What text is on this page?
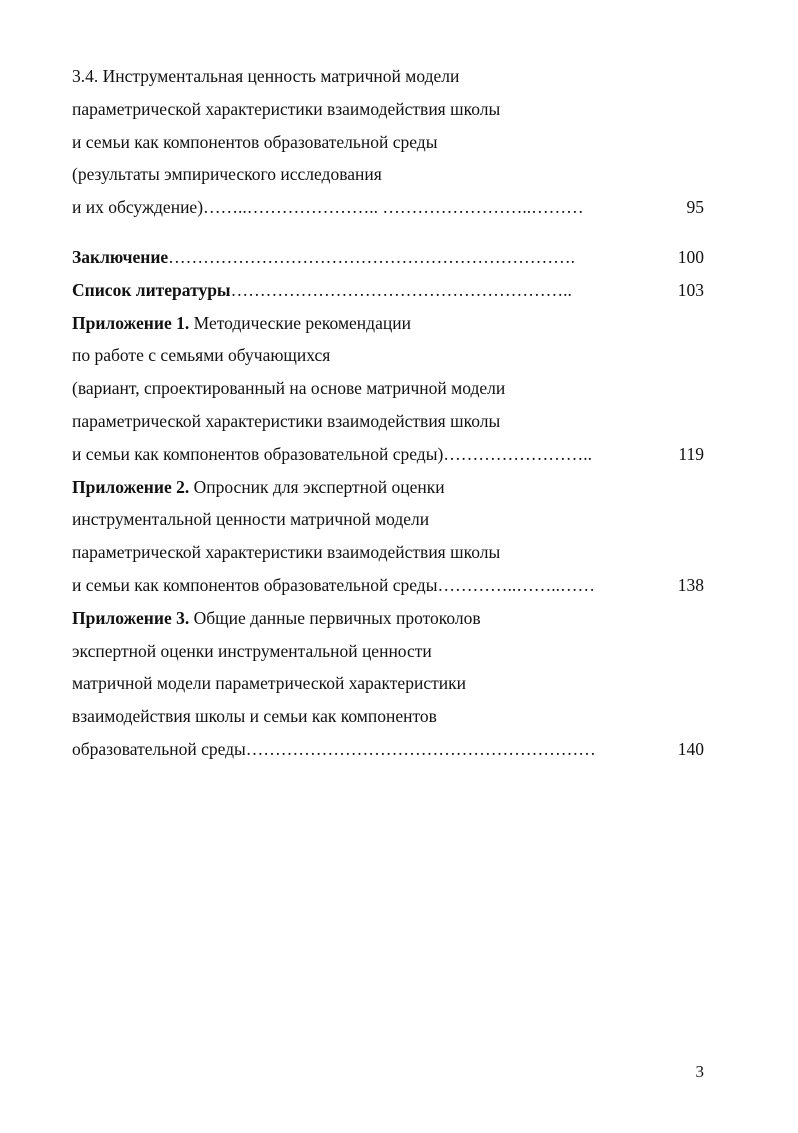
3.4. Инструментальная ценность матричной модели
параметрической характеристики взаимодействия школы
и семьи как компонентов образовательной среды
(результаты эмпирического исследования
и их обсуждение)……..………………….. ……………………..………	95
Заключение…………………………………………………………….	100
Список литературы…………………………………………………..	103
Приложение 1. Методические рекомендации
по работе с семьями обучающихся
(вариант, спроектированный на основе матричной модели
параметрической характеристики взаимодействия школы
и семьи как компонентов образовательной среды)……………………..	119
Приложение 2. Опросник для экспертной оценки
инструментальной ценности матричной модели
параметрической характеристики взаимодействия школы
и семьи как компонентов образовательной среды…………..……..……	138
Приложение 3. Общие данные первичных протоколов
экспертной оценки инструментальной ценности
матричной модели параметрической характеристики
взаимодействия школы и семьи как компонентов
образовательной среды……………………………………………………	140
3
